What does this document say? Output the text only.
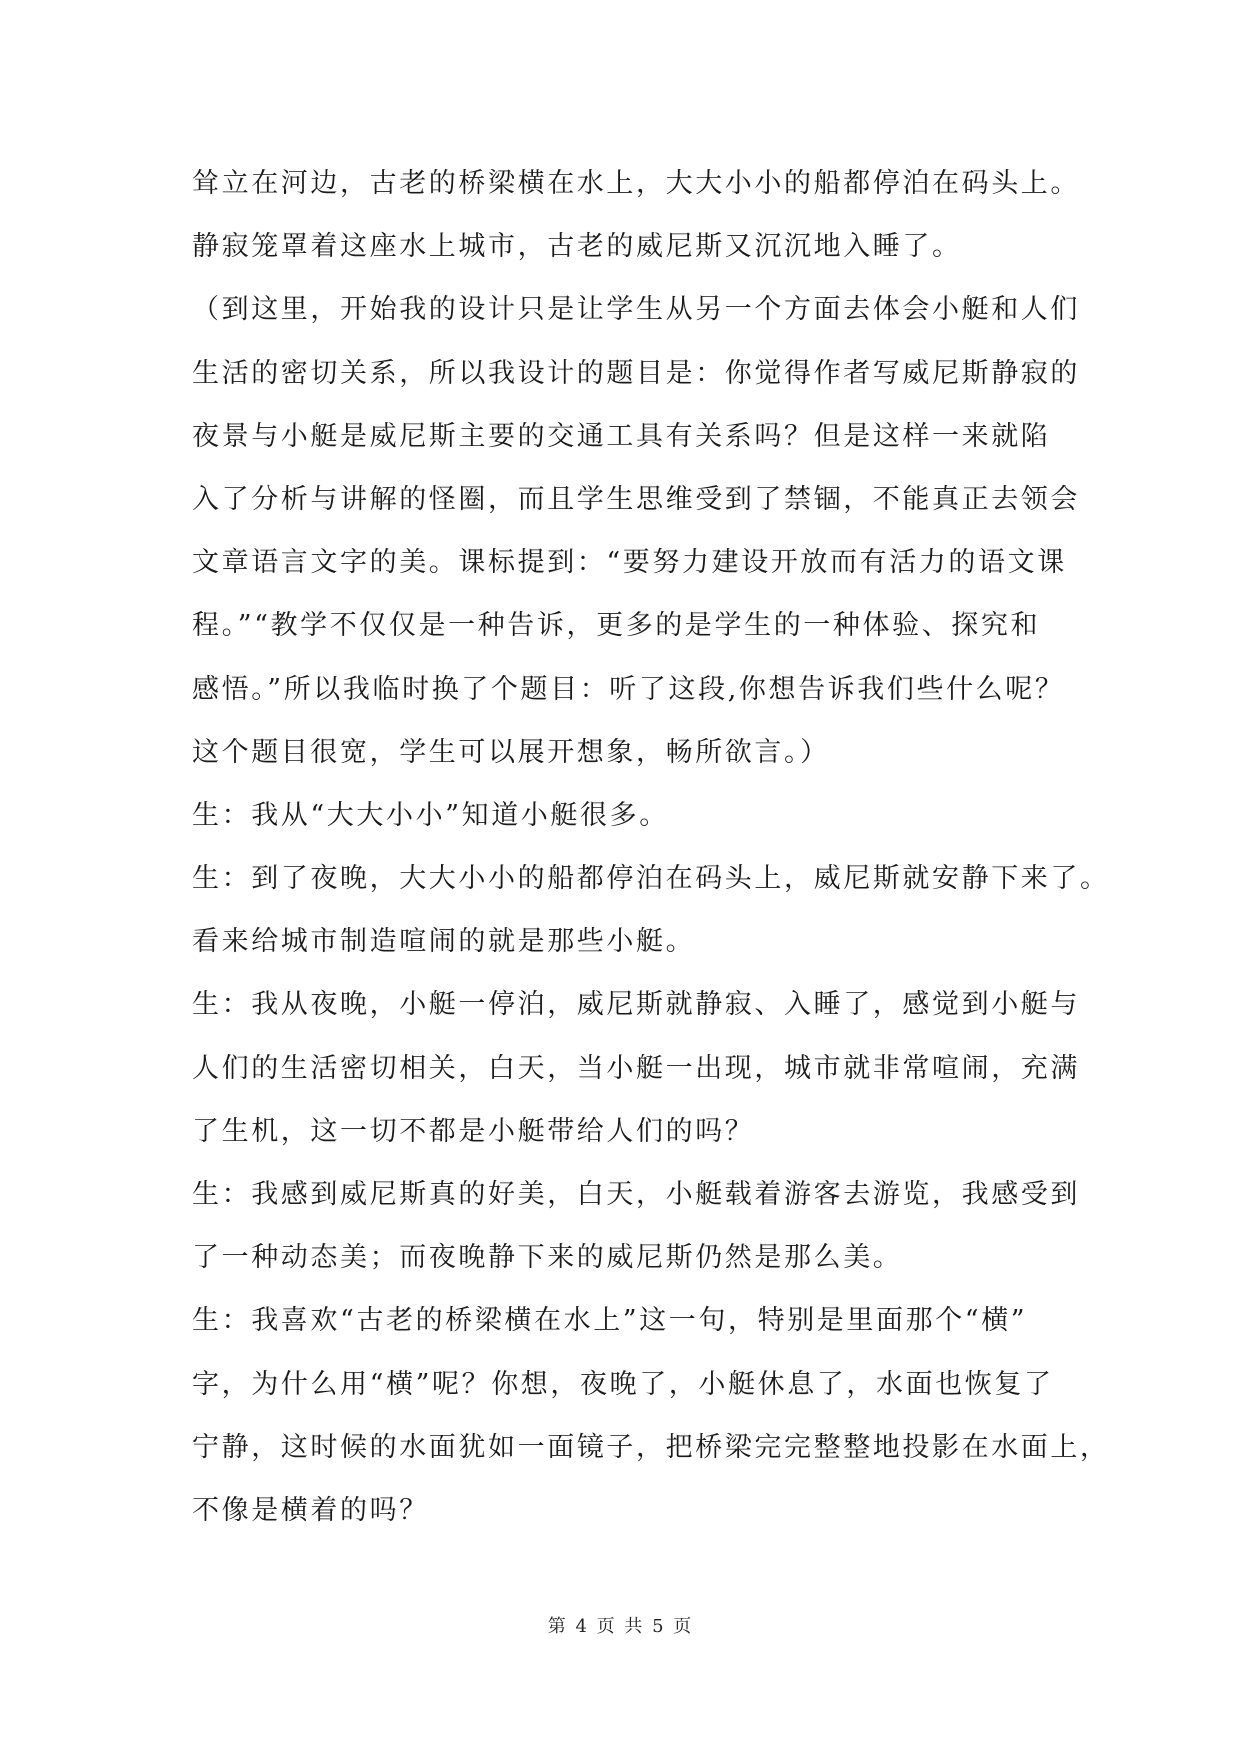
耸立在河边，古老的桥梁横在水上，大大小小的船都停泊在码头上。
静寂笼罩着这座水上城市，古老的威尼斯又沉沉地入睡了。
（到这里，开始我的设计只是让学生从另一个方面去体会小艇和人们
生活的密切关系，所以我设计的题目是：你觉得作者写威尼斯静寂的
夜景与小艇是威尼斯主要的交通工具有关系吗？但是这样一来就陷
入了分析与讲解的怪圈，而且学生思维受到了禁锢，不能真正去领会
文章语言文字的美。课标提到：“要努力建设开放而有活力的语文课
程。”“教学不仅仅是一种告诉，更多的是学生的一种体验、探究和
感悟。”所以我临时换了个题目：听了这段,你想告诉我们些什么呢？
这个题目很宽，学生可以展开想象，畅所欲言。）
生：我从“大大小小”知道小艇很多。
生：到了夜晚，大大小小的船都停泊在码头上，威尼斯就安静下来了。
看来给城市制造喧闹的就是那些小艇。
生：我从夜晚，小艇一停泊，威尼斯就静寂、入睡了，感觉到小艇与
人们的生活密切相关，白天，当小艇一出现，城市就非常喧闹，充满
了生机，这一切不都是小艇带给人们的吗？
生：我感到威尼斯真的好美，白天，小艇载着游客去游览，我感受到
了一种动态美；而夜晚静下来的威尼斯仍然是那么美。
生：我喜欢“古老的桥梁横在水上”这一句，特别是里面那个“横”
字，为什么用“横”呢？你想，夜晚了，小艇休息了，水面也恢复了
宁静，这时候的水面犹如一面镜子，把桥梁完完整整地投影在水面上，
不像是横着的吗？
第 4 页 共 5 页
